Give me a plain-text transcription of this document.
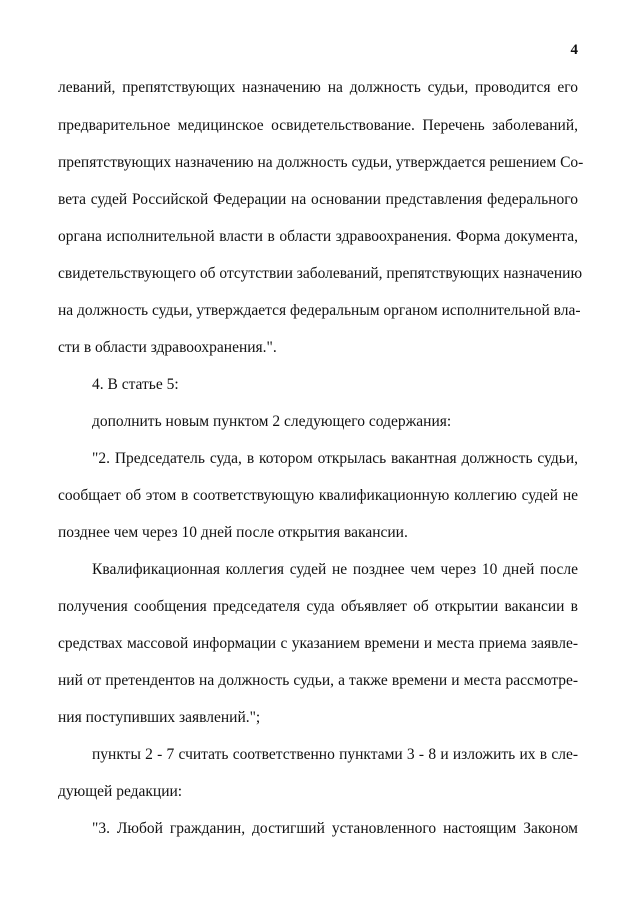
4
леваний, препятствующих назначению на должность судьи, проводится его
предварительное медицинское освидетельствование. Перечень заболеваний,
препятствующих назначению на должность судьи, утверждается решением Со-
вета судей Российской Федерации на основании представления федерального
органа исполнительной власти в области здравоохранения. Форма документа,
свидетельствующего об отсутствии заболеваний, препятствующих назначению
на должность судьи, утверждается федеральным органом исполнительной вла-
сти в области здравоохранения.".
4. В статье 5:
дополнить новым пунктом 2 следующего содержания:
"2. Председатель суда, в котором открылась вакантная должность судьи,
сообщает об этом в соответствующую квалификационную коллегию судей не
позднее чем через 10 дней после открытия вакансии.
Квалификационная коллегия судей не позднее чем через 10 дней после
получения сообщения председателя суда объявляет об открытии вакансии в
средствах массовой информации с указанием времени и места приема заявле-
ний от претендентов на должность судьи, а также времени и места рассмотре-
ния поступивших заявлений.";
пункты 2 - 7 считать соответственно пунктами 3 - 8 и изложить их в сле-
дующей редакции:
"3. Любой гражданин, достигший установленного настоящим Законом
